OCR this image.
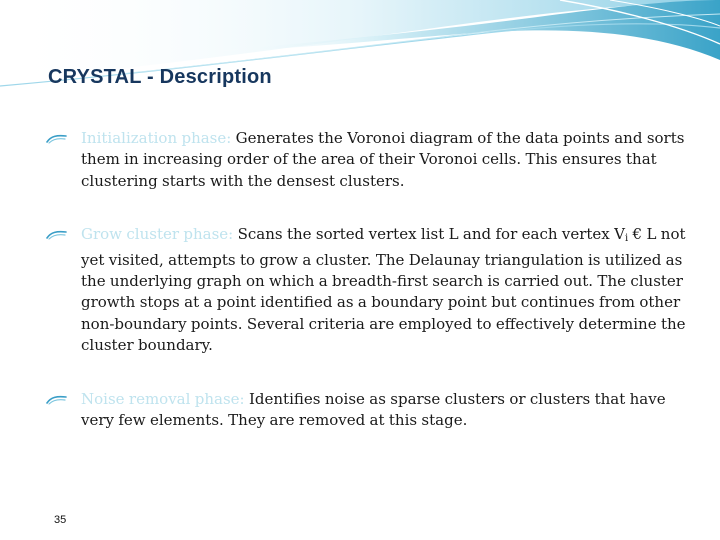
CRYSTAL - Description
Initialization phase: Generates the Voronoi diagram of the data points and sorts them in increasing order of the area of their Voronoi cells. This ensures that clustering starts with the densest clusters.
Grow cluster phase: Scans the sorted vertex list L and for each vertex $V_i$ € L not yet visited, attempts to grow a cluster. The Delaunay triangulation is utilized as the underlying graph on which a breadth-first search is carried out. The cluster growth stops at a point identified as a boundary point but continues from other non-boundary points. Several criteria are employed to effectively determine the cluster boundary.
Noise removal phase: Identifies noise as sparse clusters or clusters that have very few elements. They are removed at this stage.
35
